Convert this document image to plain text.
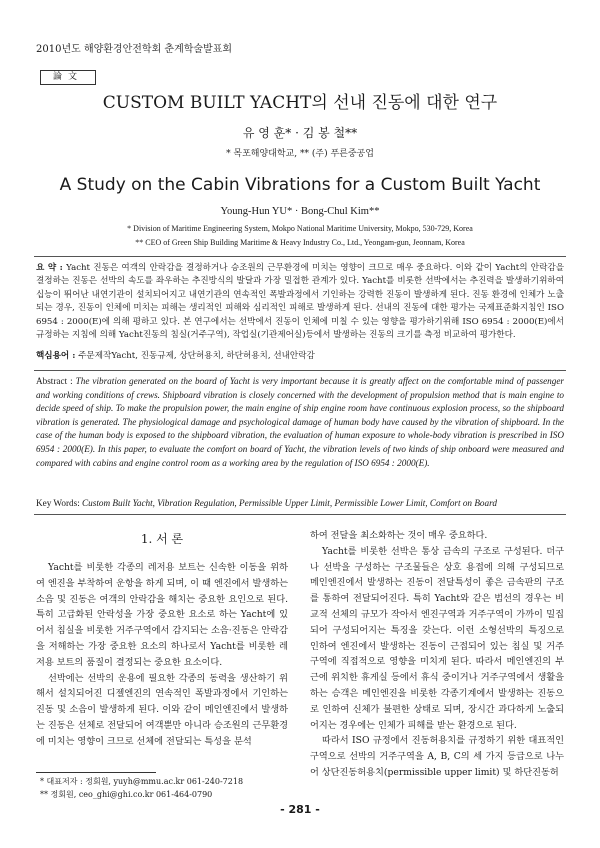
2010년도 해양환경안전학회 춘계학술발표회
論文
CUSTOM BUILT YACHT의 선내 진동에 대한 연구
유 영 훈* · 김 봉 철**
* 목포해양대학교, ** (주) 푸른중공업
A Study on the Cabin Vibrations for a Custom Built Yacht
Young-Hun YU* · Bong-Chul Kim**
* Division of Maritime Engineering System, Mokpo National Maritime University, Mokpo, 530-729, Korea
** CEO of Green Ship Building Maritime & Heavy Industry Co., Ltd., Yeongam-gun, Jeonnam, Korea
요 약 : Yacht 진동은 여객의 안락감을 결정하거나 승조원의 근무환경에 미치는 영향이 크므로 매우 중요하다. 이와 같이 Yacht의 안락감을 결정하는 진동은 선박의 속도를 좌우하는 추진방식의 발달과 가장 밀접한 관계가 있다. Yacht를 비롯한 선박에서는 추진력을 발생하기위하여 십능이 뛰어난 내연기관이 설치되어지고 내연기관의 연속적인 폭발과정에서 기인하는 강력한 진동이 발생하게 된다. 진동 환경에 인체가 노출되는 경우, 진동이 인체에 미치는 피해는 생리적인 피해와 심리적인 피해로 발생하게 된다. 선내의 진동에 대한 평가는 국제표준화지침인 ISO 6954 : 2000(E)에 의해 평하고 있다. 본 연구에서는 선박에서 진동이 인체에 미칠 수 있는 영향을 평가하기위해 ISO 6954 : 2000(E)에서 규정하는 지침에 의해 Yacht진동의 침실(거주구역), 작업실(기관제어실)등에서 발생하는 진동의 크기를 측정 비교하여 평가한다.
핵심용어 : 주문제작Yacht, 진동규제, 상단허용치, 하단허용치, 선내안락감
Abstract : The vibration generated on the board of Yacht is very important because it is greatly affect on the comfortable mind of passenger and working conditions of crews. Shipboard vibration is closely concerned with the development of propulsion method that is main engine to decide speed of ship. To make the propulsion power, the main engine of ship engine room have continuous explosion process, so the shipboard vibration is generated. The physiological damage and psychological damage of human body have caused by the vibration of shipboard. In the case of the human body is exposed to the shipboard vibration, the evaluation of human exposure to whole-body vibration is prescribed in ISO 6954 : 2000(E). In this paper, to evaluate the comfort on board of Yacht, the vibration levels of two kinds of ship onboard were measured and compared with cabins and engine control room as a working area by the regulation of ISO 6954 : 2000(E).
Key Words: Custom Built Yacht, Vibration Regulation, Permissible Upper Limit, Permissible Lower Limit, Comfort on Board
1. 서 론

Yacht를 비롯한 각종의 레저용 보트는 신속한 이동을 위하여 엔진을 부착하여 운항을 하게 되며, 이 때 엔진에서 발생하는 소음 및 진동은 여객의 안락감을 해치는 중요한 요인으로 된다. 특히 고급화된 안락성을 가장 중요한 요소로 하는 Yacht에 있어서 침실을 비롯한 거주구역에서 감지되는 소음·진동은 안락감을 저해하는 가장 중요한 요소의 하나로서 Yacht를 비롯한 레저용 보트의 품질이 결정되는 중요한 요소이다.

선박에는 선박의 운용에 필요한 각종의 동력을 생산하기 위해서 설치되어진 디젤엔진의 연속적인 폭발과정에서 기인하는 진동 및 소음이 발생하게 된다. 이와 같이 메인엔진에서 발생하는 진동은 선체로 전달되어 여객뿐만 아니라 승조원의 근무환경에 미치는 영향이 크므로 선체에 전달되는 특성을 분석

하여 전달을 최소화하는 것이 매우 중요하다.

Yacht를 비롯한 선박은 통상 금속의 구조로 구성된다. 더구나 선박을 구성하는 구조물들은 상호 용접에 의해 구성되므로 메인엔진에서 발생하는 진동이 전달특성이 좋은 금속판의 구조를 통하여 전달되어진다. 특히 Yacht와 같은 범선의 경우는 비교적 선체의 규모가 작아서 엔진구역과 거주구역이 가까이 밀집되어 구성되어지는 특징을 갖는다. 이런 소형선박의 특징으로 인하여 엔진에서 발생하는 진동이 근접되어 있는 침실 및 거주구역에 직접적으로 영향을 미치게 된다. 따라서 메인엔진의 부근에 위치한 휴게실 등에서 휴식 중이거나 거주구역에서 생활을 하는 승객은 메인엔진을 비롯한 각종기계에서 발생하는 진동으로 인하여 신체가 불편한 상태로 되며, 장시간 과다하게 노출되어지는 경우에는 인체가 피해를 받는 환경으로 된다.

따라서 ISO 규정에서 진동허용치를 규정하기 위한 대표적인 구역으로 선박의 거주구역을 A, B, C의 세 가지 등급으로 나누어 상단진동허용치(permissible upper limit) 및 하단진동허

* 대표저자 : 정회원, yuyh@mmu.ac.kr 061-240-7218
** 정회원, ceo_ghi@ghi.co.kr 061-464-0790
- 281 -
